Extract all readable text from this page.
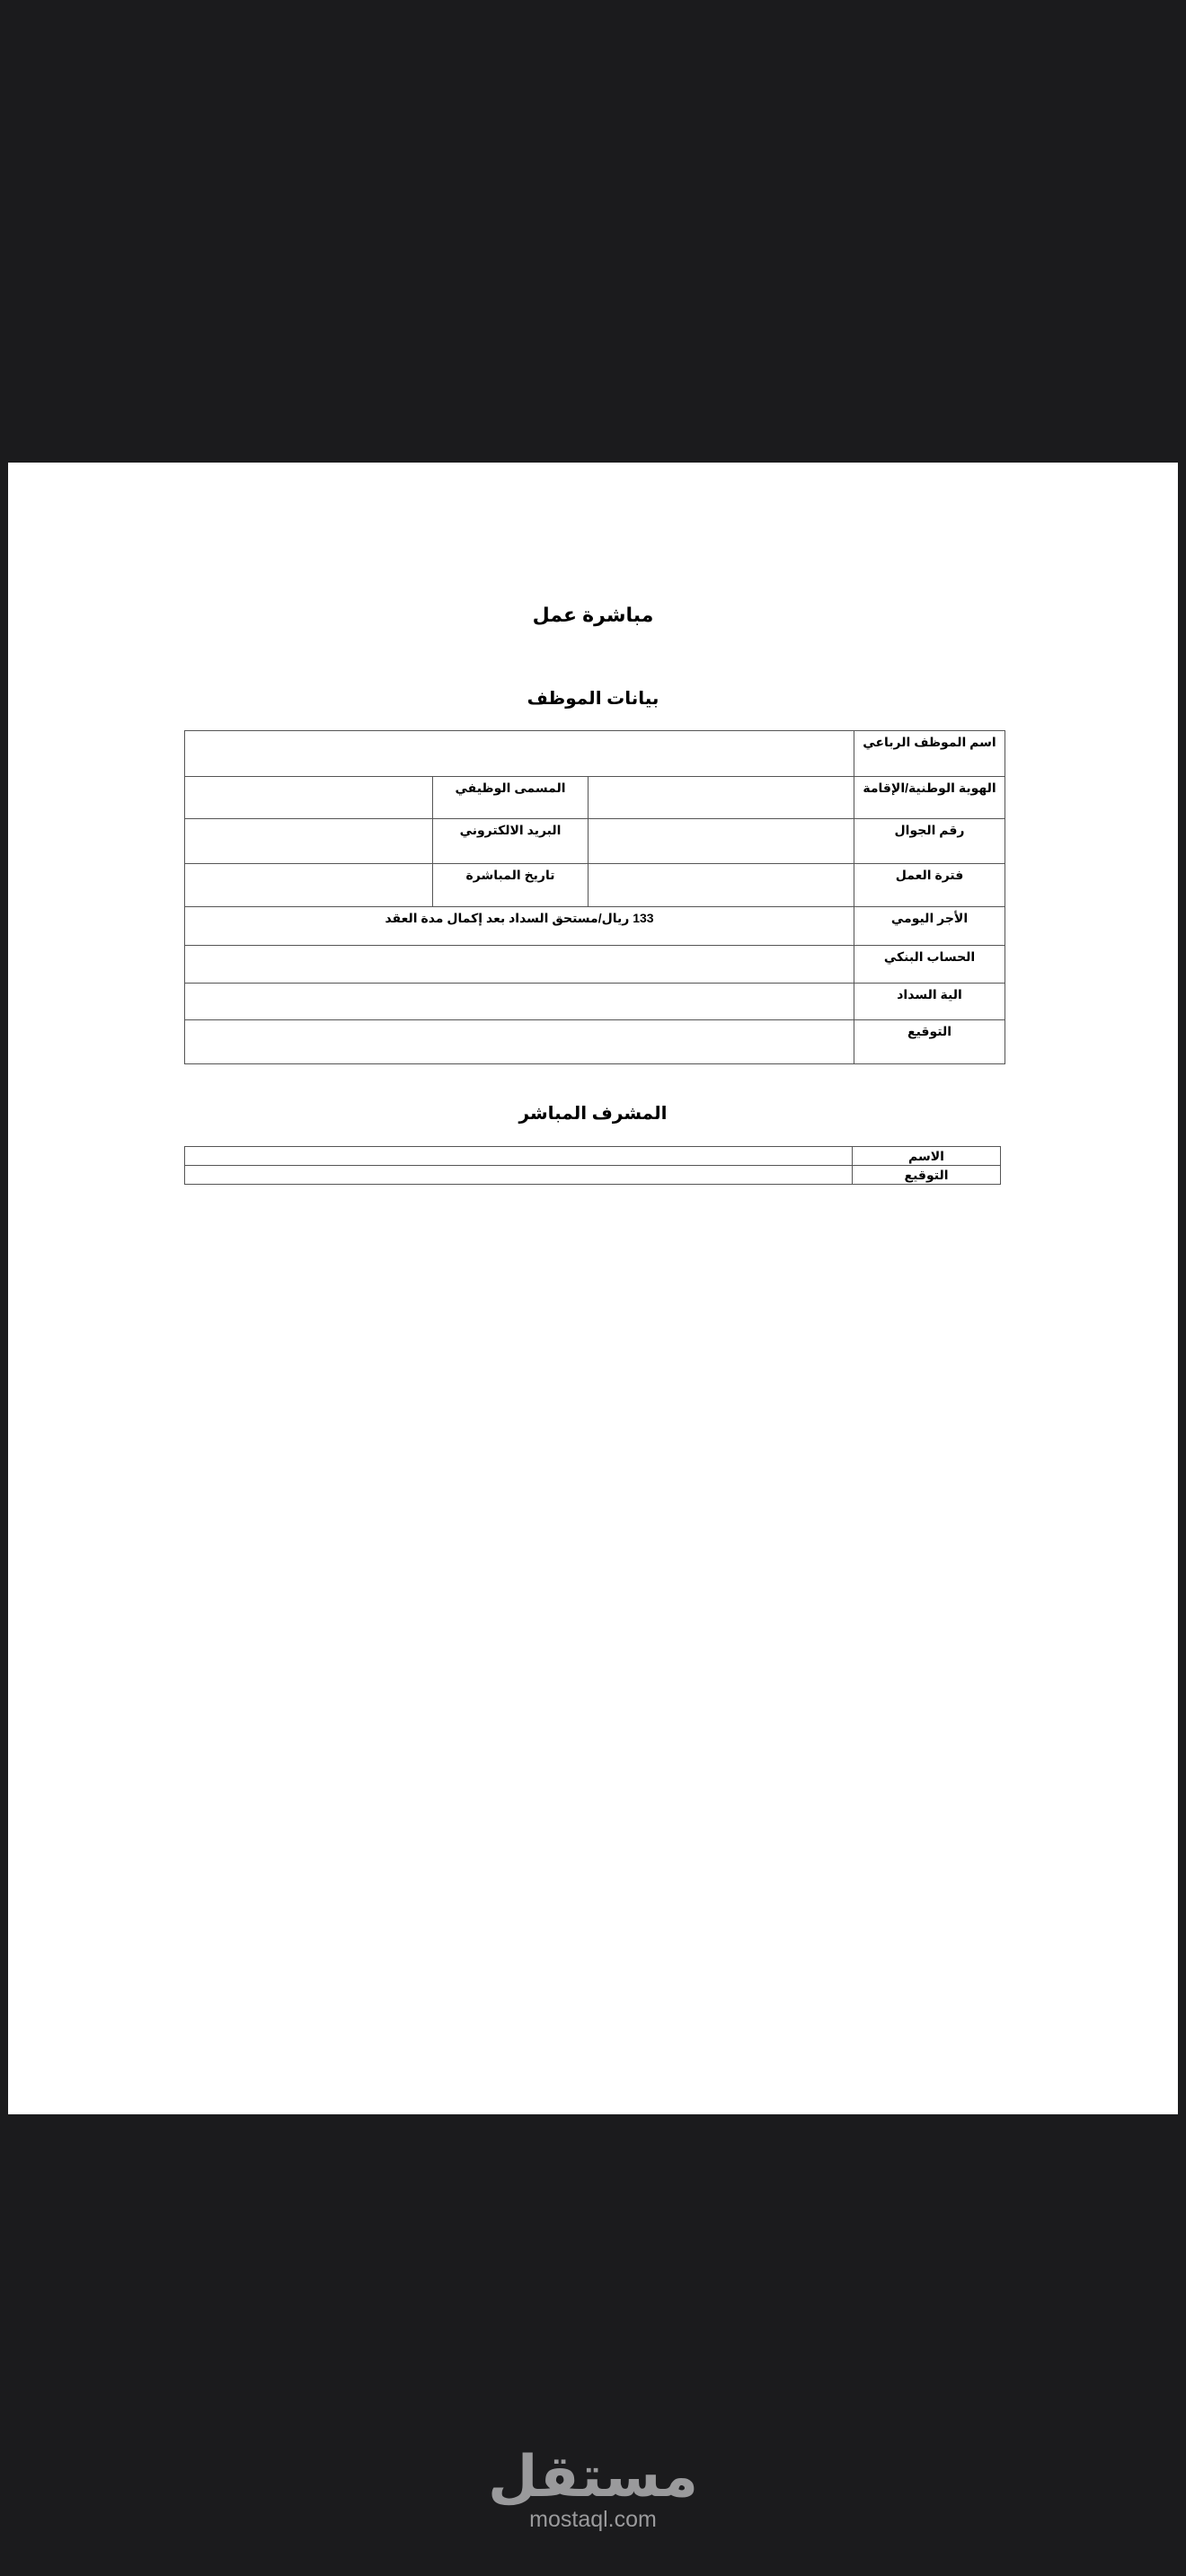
مباشرة عمل
بيانات الموظف
اسم الموظف الرباعي			
الهوية الوطنية/الإقامة		المسمى الوظيفي	
رقم الجوال		البريد الالكتروني	
فترة العمل		تاريخ المباشرة	
الأجر اليومي	133 ريال/مستحق السداد بعد إكمال مدة العقد		
الحساب البنكي			
الية السداد			
التوقيع			
المشرف المباشر
الاسم	
التوقيع	
مستقل
mostaql.com
